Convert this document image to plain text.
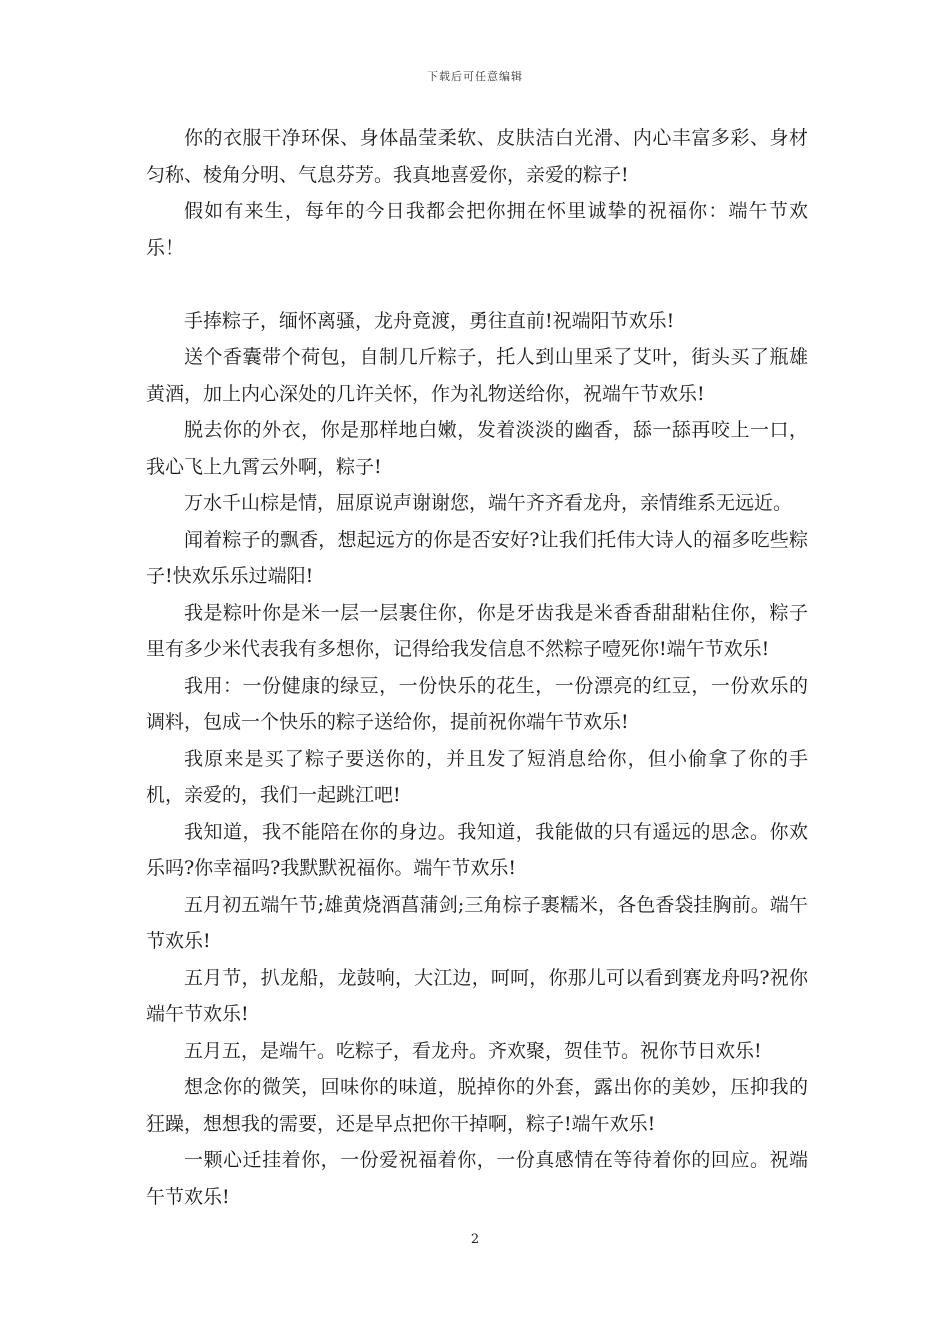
下载后可任意编辑

你的衣服干净环保、身体晶莹柔软、皮肤洁白光滑、内心丰富多彩、身材匀称、棱角分明、气息芬芳。我真地喜爱你，亲爱的粽子!

假如有来生，每年的今日我都会把你拥在怀里诚挚的祝福你：端午节欢乐！

手捧粽子，缅怀离骚，龙舟竟渡，勇往直前!祝端阳节欢乐!

送个香囊带个荷包，自制几斤粽子，托人到山里采了艾叶，街头买了瓶雄黄酒，加上内心深处的几许关怀，作为礼物送给你，祝端午节欢乐!

脱去你的外衣，你是那样地白嫩，发着淡淡的幽香，舔一舔再咬上一口，我心飞上九霄云外啊，粽子!

万水千山棕是情，屈原说声谢谢您，端午齐齐看龙舟，亲情维系无远近。

闻着粽子的飘香，想起远方的你是否安好?让我们托伟大诗人的福多吃些粽子!快欢乐乐过端阳!

我是粽叶你是米一层一层裹住你，你是牙齿我是米香香甜甜粘住你，粽子里有多少米代表我有多想你，记得给我发信息不然粽子噎死你!端午节欢乐!

我用：一份健康的绿豆，一份快乐的花生，一份漂亮的红豆，一份欢乐的调料，包成一个快乐的粽子送给你，提前祝你端午节欢乐!

我原来是买了粽子要送你的，并且发了短消息给你，但小偷拿了你的手机，亲爱的，我们一起跳江吧!

我知道，我不能陪在你的身边。我知道，我能做的只有遥远的思念。你欢乐吗?你幸福吗?我默默祝福你。端午节欢乐!

五月初五端午节;雄黄烧酒菖蒲剑;三角棕子裹糯米，各色香袋挂胸前。端午节欢乐!

五月节，扒龙船，龙鼓响，大江边，呵呵，你那儿可以看到赛龙舟吗?祝你端午节欢乐!

五月五，是端午。吃粽子，看龙舟。齐欢聚，贺佳节。祝你节日欢乐!

想念你的微笑，回味你的味道，脱掉你的外套，露出你的美妙，压抑我的狂躁，想想我的需要，还是早点把你干掉啊，粽子!端午欢乐!

一颗心迁挂着你，一份爱祝福着你，一份真感情在等待着你的回应。祝端午节欢乐!

2
